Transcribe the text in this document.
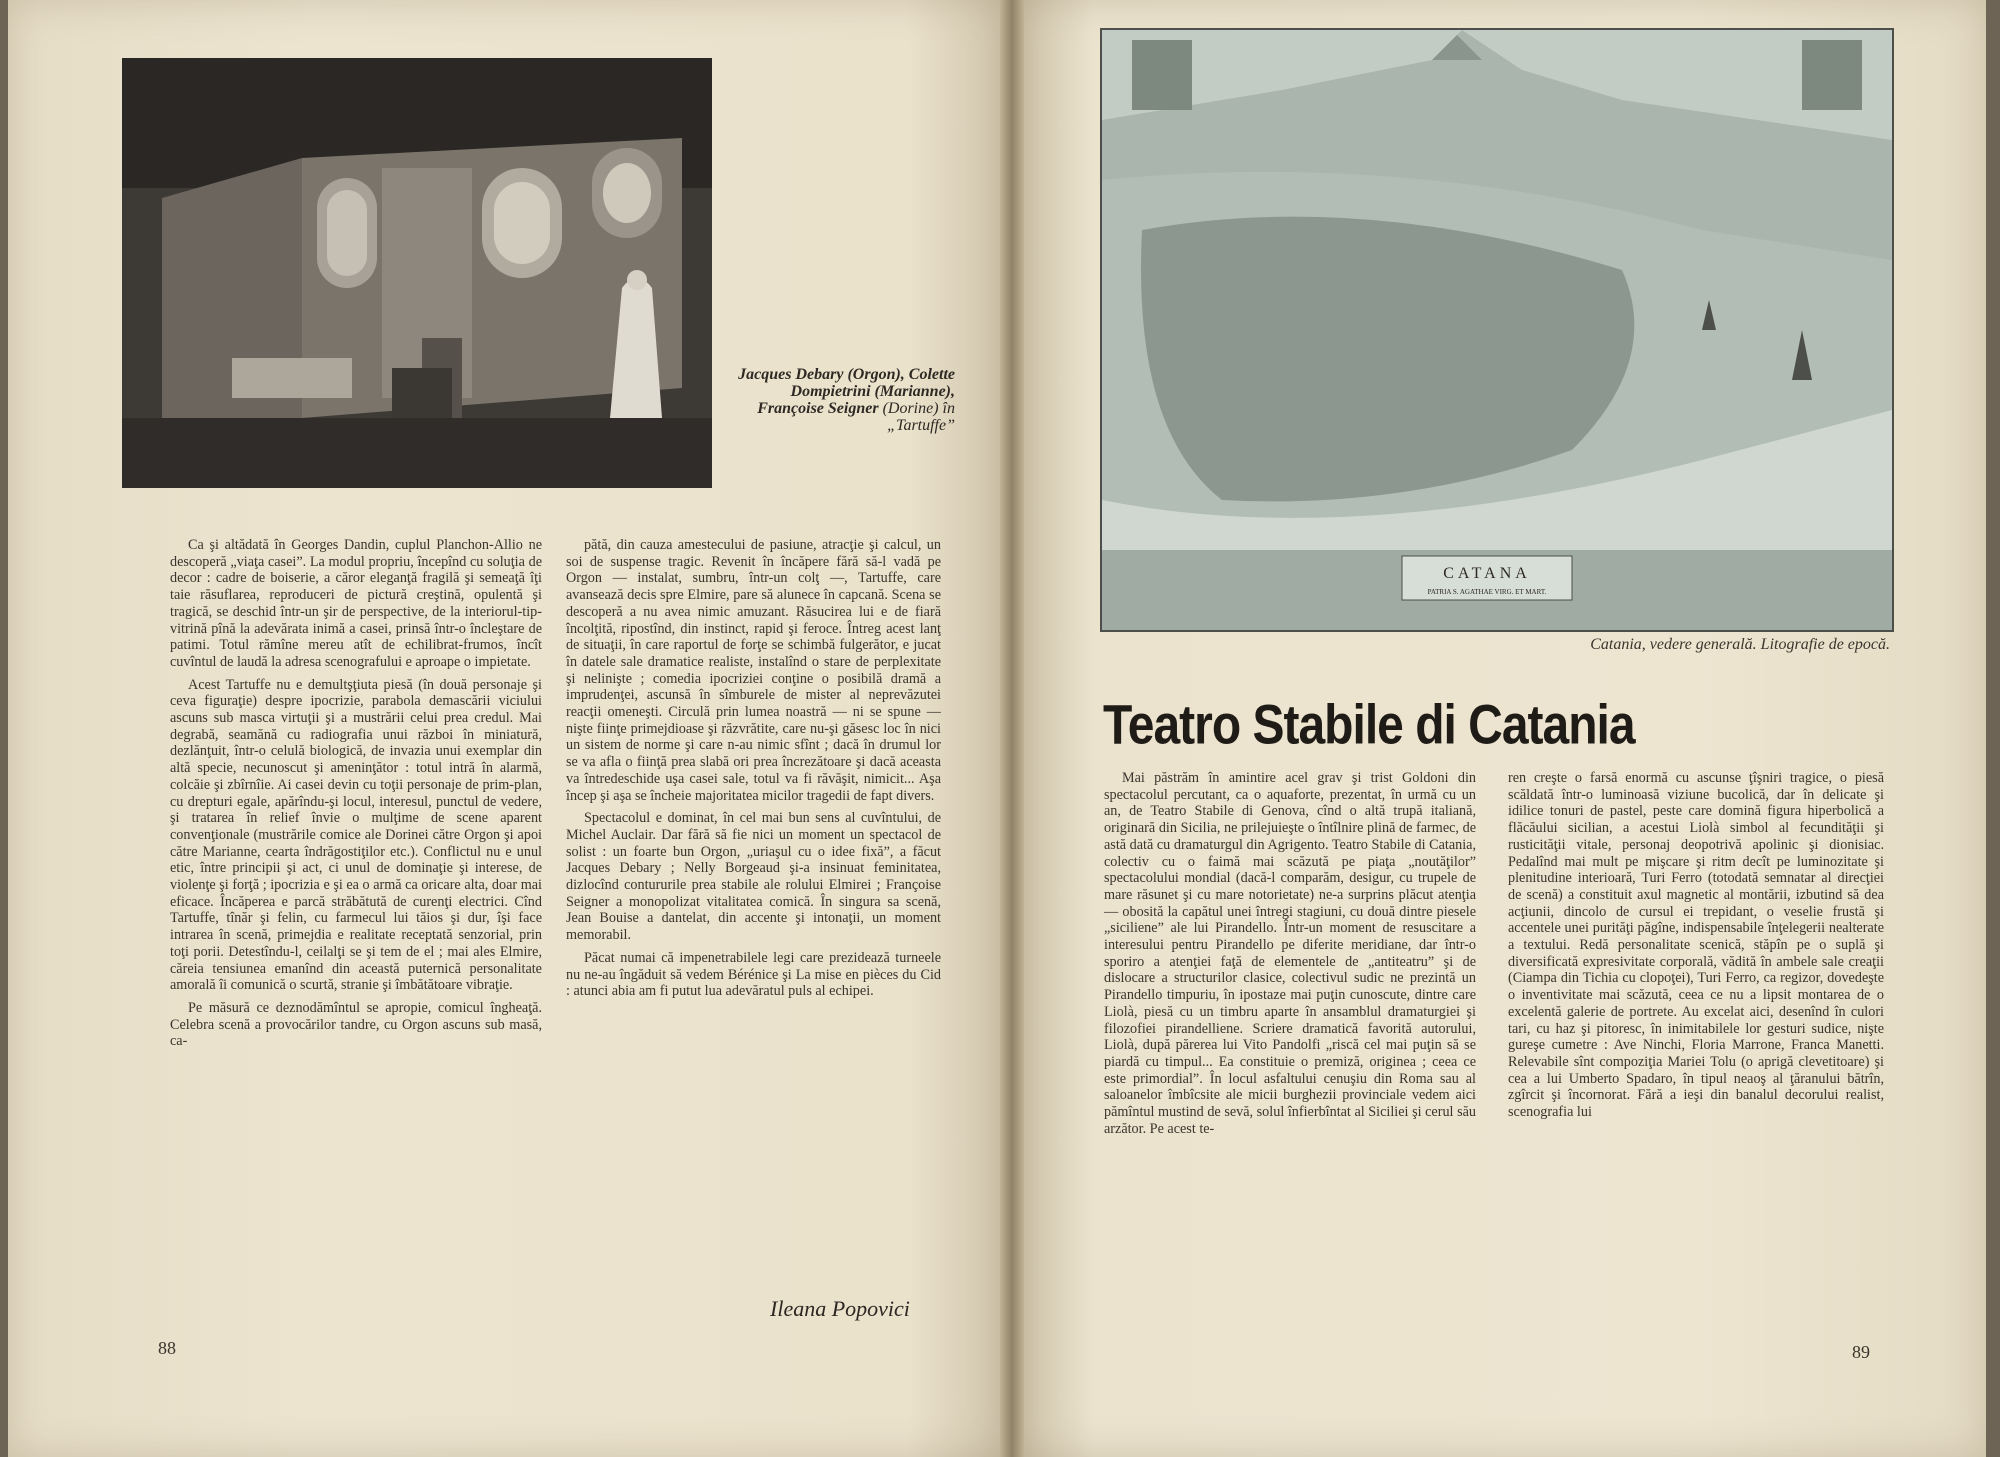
Jacques Debary (Orgon), Colette Dompietrini (Marianne), Françoise Seigner (Dorine) în „Tartuffe”

Ca şi altădată în Georges Dandin, cuplul Planchon-Allio ne descoperă „viaţa casei”. La modul propriu, începînd cu soluţia de decor : cadre de boiserie, a căror eleganţă fragilă şi semeaţă îţi taie răsuflarea, reproduceri de pictură creştină, opulentă şi tragică, se deschid într-un şir de perspective, de la interiorul-tip-vitrină pînă la adevărata inimă a casei, prinsă într-o încleştare de patimi. Totul rămîne mereu atît de echilibrat-frumos, încît cuvîntul de laudă la adresa scenografului e aproape o impietate.

Acest Tartuffe nu e demultşţiuta piesă (în două personaje şi ceva figuraţie) despre ipocrizie, parabola demascării viciului ascuns sub masca virtuţii şi a mustrării celui prea credul. Mai degrabă, seamănă cu radiografia unui război în miniatură, dezlănţuit, într-o celulă biologică, de invazia unui exemplar din altă specie, necunoscut şi ameninţător : totul intră în alarmă, colcăie şi zbîrnîie. Ai casei devin cu toţii personaje de prim-plan, cu drepturi egale, apărîndu-şi locul, interesul, punctul de vedere, şi tratarea în relief învie o mulţime de scene aparent convenţionale (mustrările comice ale Dorinei către Orgon şi apoi către Marianne, cearta îndrăgostiţilor etc.). Conflictul nu e unul etic, între principii şi act, ci unul de dominaţie şi interese, de violenţe şi forţă ; ipocrizia e şi ea o armă ca oricare alta, doar mai eficace. Încăperea e parcă străbătută de curenţi electrici. Cînd Tartuffe, tînăr şi felin, cu farmecul lui tăios şi dur, îşi face intrarea în scenă, primejdia e realitate receptată senzorial, prin toţi porii. Detestîndu-l, ceilalţi se şi tem de el ; mai ales Elmire, căreia tensiunea emanînd din această puternică personalitate amorală îi comunică o scurtă, stranie şi îmbătătoare vibraţie.

Pe măsură ce deznodămîntul se apropie, comicul îngheaţă. Celebra scenă a provocărilor tandre, cu Orgon ascuns sub masă, ca-

pătă, din cauza amestecului de pasiune, atracţie şi calcul, un soi de suspense tragic. Revenit în încăpere fără să-l vadă pe Orgon — instalat, sumbru, într-un colţ —, Tartuffe, care avansează decis spre Elmire, pare să alunece în capcană. Scena se descoperă a nu avea nimic amuzant. Răsucirea lui e de fiară încolţită, ripostînd, din instinct, rapid şi feroce. Întreg acest lanţ de situaţii, în care raportul de forţe se schimbă fulgerător, e jucat în datele sale dramatice realiste, instalînd o stare de perplexitate şi nelinişte ; comedia ipocriziei conţine o posibilă dramă a imprudenţei, ascunsă în sîmburele de mister al neprevăzutei reacţii omeneşti. Circulă prin lumea noastră — ni se spune — nişte fiinţe primejdioase şi răzvrătite, care nu-şi găsesc loc în nici un sistem de norme şi care n-au nimic sfînt ; dacă în drumul lor se va afla o fiinţă prea slabă ori prea încrezătoare şi dacă aceasta va întredeschide uşa casei sale, totul va fi răvăşit, nimicit... Aşa încep şi aşa se încheie majoritatea micilor tragedii de fapt divers.

Spectacolul e dominat, în cel mai bun sens al cuvîntului, de Michel Auclair. Dar fără să fie nici un moment un spectacol de solist : un foarte bun Orgon, „uriaşul cu o idee fixă”, a făcut Jacques Debary ; Nelly Borgeaud şi-a insinuat feminitatea, dizlocînd contururile prea stabile ale rolului Elmirei ; Françoise Seigner a monopolizat vitalitatea comică. În singura sa scenă, Jean Bouise a dantelat, din accente şi intonaţii, un moment memorabil.

Păcat numai că impenetrabilele legi care prezidează turneele nu ne-au îngăduit să vedem Bérénice şi La mise en pièces du Cid : atunci abia am fi putut lua adevăratul puls al echipei.

Ileana Popovici
88
CATANA
PATRIA S. AGATHAE VIRG. ET MART.
Catania, vedere generală. Litografie de epocă.
Teatro Stabile di Catania

Mai păstrăm în amintire acel grav şi trist Goldoni din spectacolul percutant, ca o aquaforte, prezentat, în urmă cu un an, de Teatro Stabile di Genova, cînd o altă trupă italiană, originară din Sicilia, ne prilejuieşte o întîlnire plină de farmec, de astă dată cu dramaturgul din Agrigento. Teatro Stabile di Catania, colectiv cu o faimă mai scăzută pe piaţa „noutăţilor” spectacolului mondial (dacă-l comparăm, desigur, cu trupele de mare răsunet şi cu mare notorietate) ne-a surprins plăcut atenţia — obosită la capătul unei întregi stagiuni, cu două dintre piesele „siciliene” ale lui Pirandello. Într-un moment de resuscitare a interesului pentru Pirandello pe diferite meridiane, dar într-o sporiro a atenţiei faţă de elementele de „antiteatru” şi de dislocare a structurilor clasice, colectivul sudic ne prezintă un Pirandello timpuriu, în ipostaze mai puţin cunoscute, dintre care Liolà, piesă cu un timbru aparte în ansamblul dramaturgiei şi filozofiei pirandelliene. Scriere dramatică favorită autorului, Liolà, după părerea lui Vito Pandolfi „riscă cel mai puţin să se piardă cu timpul... Ea constituie o premiză, originea ; ceea ce este primordial”. În locul asfaltului cenuşiu din Roma sau al saloanelor îmbîcsite ale micii burghezii provinciale vedem aici pămîntul mustind de sevă, solul înfierbîntat al Siciliei şi cerul său arzător. Pe acest te-

ren creşte o farsă enormă cu ascunse ţîşniri tragice, o piesă scăldată într-o luminoasă viziune bucolică, dar în delicate şi idilice tonuri de pastel, peste care domină figura hiperbolică a flăcăului sicilian, a acestui Liolà simbol al fecundităţii şi rusticităţii vitale, personaj deopotrivă apolinic şi dionisiac. Pedalînd mai mult pe mişcare şi ritm decît pe luminozitate şi plenitudine interioară, Turi Ferro (totodată semnatar al direcţiei de scenă) a constituit axul magnetic al montării, izbutind să dea acţiunii, dincolo de cursul ei trepidant, o veselie frustă şi accentele unei purităţi păgîne, indispensabile înţelegerii nealterate a textului. Redă personalitate scenică, stăpîn pe o suplă şi diversificată expresivitate corporală, vădită în ambele sale creaţii (Ciampa din Tichia cu clopoţei), Turi Ferro, ca regizor, dovedeşte o inventivitate mai scăzută, ceea ce nu a lipsit montarea de o excelentă galerie de portrete. Au excelat aici, desenînd în culori tari, cu haz şi pitoresc, în inimitabilele lor gesturi sudice, nişte gureşe cumetre : Ave Ninchi, Floria Marrone, Franca Manetti. Relevabile sînt compoziţia Mariei Tolu (o aprigă clevetitoare) şi cea a lui Umberto Spadaro, în tipul neaoş al ţăranului bătrîn, zgîrcit şi încornorat. Fără a ieşi din banalul decorului realist, scenografia lui

89
